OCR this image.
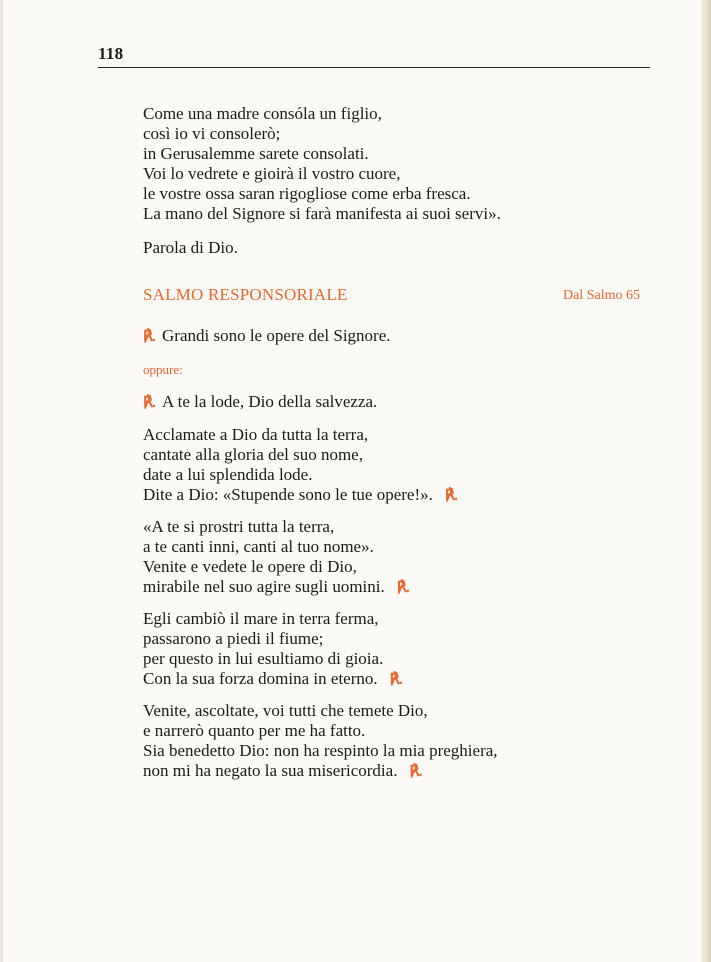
118
Come una madre consóla un figlio,
così io vi consolerò;
in Gerusalemme sarete consolati.
Voi lo vedrete e gioirà il vostro cuore,
le vostre ossa saran rigogliose come erba fresca.
La mano del Signore si farà manifesta ai suoi servi».
Parola di Dio.
SALMO RESPONSORIALE	Dal Salmo 65
℟. Grandi sono le opere del Signore.
oppure:
℟. A te la lode, Dio della salvezza.
Acclamate a Dio da tutta la terra,
cantate alla gloria del suo nome,
date a lui splendida lode.
Dite a Dio: «Stupende sono le tue opere!». ℟.
«A te si prostri tutta la terra,
a te canti inni, canti al tuo nome».
Venite e vedete le opere di Dio,
mirabile nel suo agire sugli uomini. ℟.
Egli cambiò il mare in terra ferma,
passarono a piedi il fiume;
per questo in lui esultiamo di gioia.
Con la sua forza domina in eterno. ℟.
Venite, ascoltate, voi tutti che temete Dio,
e narrerò quanto per me ha fatto.
Sia benedetto Dio: non ha respinto la mia preghiera,
non mi ha negato la sua misericordia. ℟.
